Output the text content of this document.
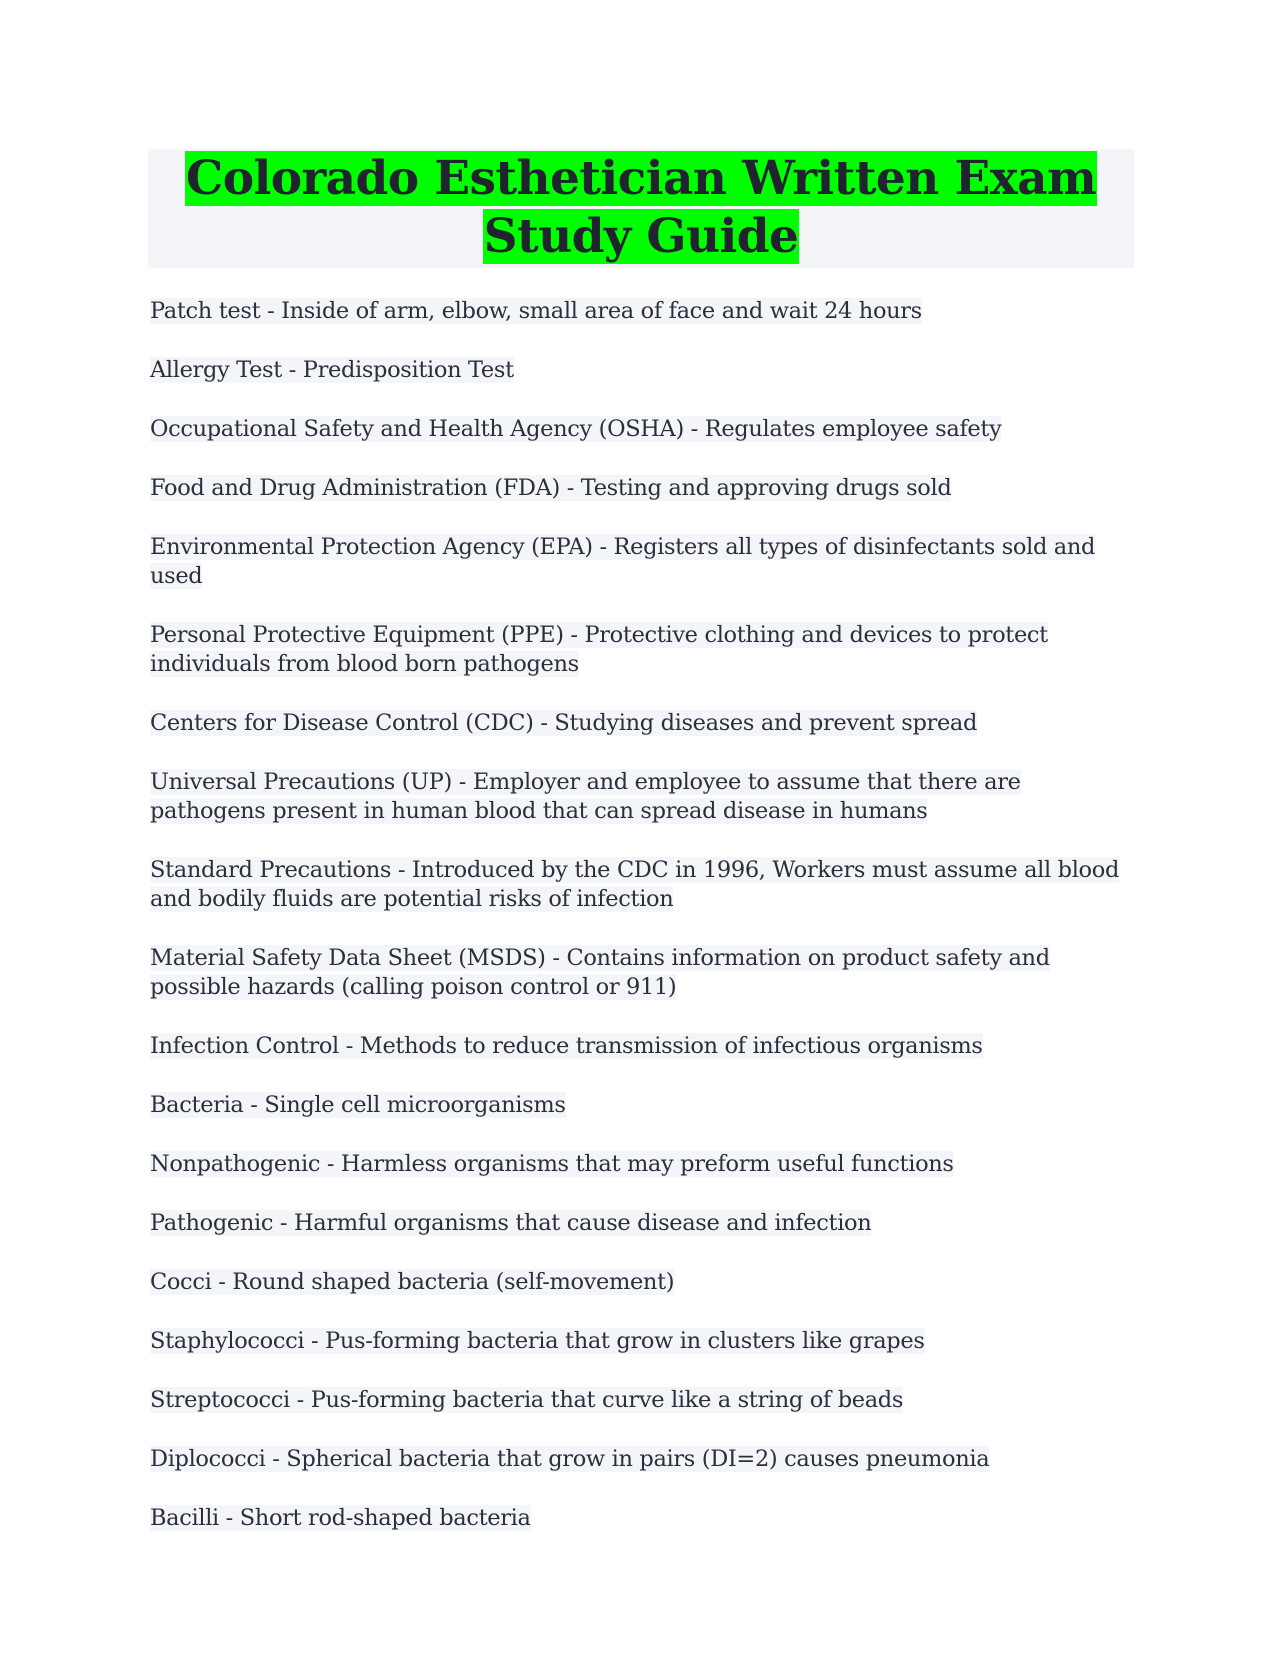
Colorado Esthetician Written Exam Study Guide

Patch test - Inside of arm, elbow, small area of face and wait 24 hours

Allergy Test - Predisposition Test

Occupational Safety and Health Agency (OSHA) - Regulates employee safety

Food and Drug Administration (FDA) - Testing and approving drugs sold

Environmental Protection Agency (EPA) - Registers all types of disinfectants sold and used

Personal Protective Equipment (PPE) - Protective clothing and devices to protect individuals from blood born pathogens

Centers for Disease Control (CDC) - Studying diseases and prevent spread

Universal Precautions (UP) - Employer and employee to assume that there are pathogens present in human blood that can spread disease in humans

Standard Precautions - Introduced by the CDC in 1996, Workers must assume all blood and bodily fluids are potential risks of infection

Material Safety Data Sheet (MSDS) - Contains information on product safety and possible hazards (calling poison control or 911)

Infection Control - Methods to reduce transmission of infectious organisms

Bacteria - Single cell microorganisms

Nonpathogenic - Harmless organisms that may preform useful functions

Pathogenic - Harmful organisms that cause disease and infection

Cocci - Round shaped bacteria (self-movement)

Staphylococci - Pus-forming bacteria that grow in clusters like grapes

Streptococci - Pus-forming bacteria that curve like a string of beads

Diplococci - Spherical bacteria that grow in pairs (DI=2) causes pneumonia

Bacilli - Short rod-shaped bacteria
